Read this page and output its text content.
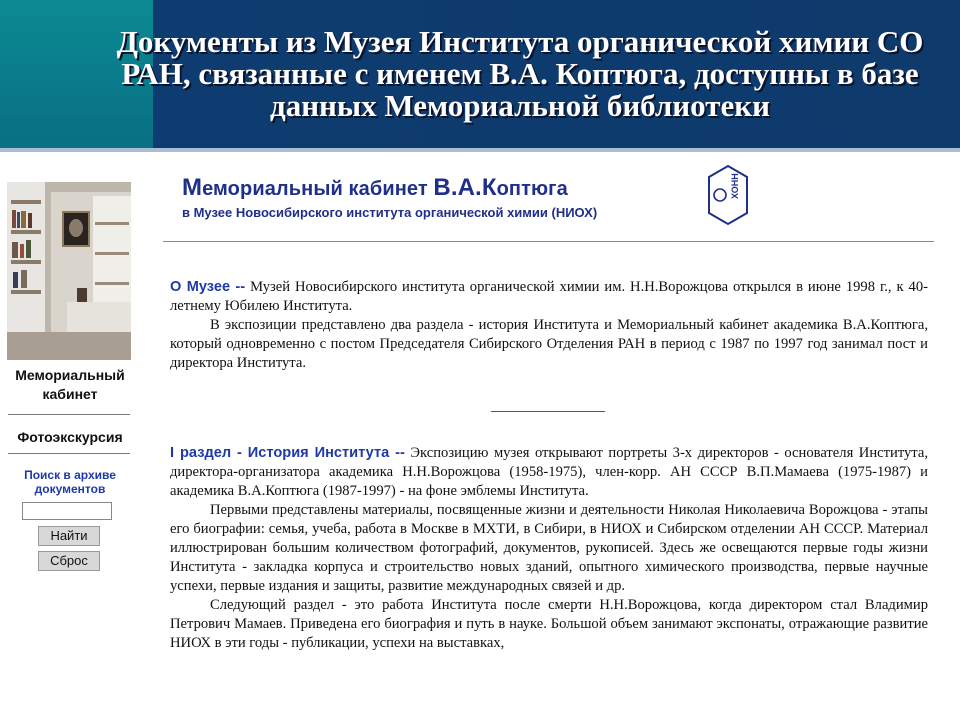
Документы из Музея Института органической химии СО РАН, связанные с именем В.А. Коптюга, доступны в базе данных Мемориальной библиотеки
Мемориальный кабинет
Фотоэкскурсия
Поиск в архиве документов
Найти
Сброс
Мемориальный кабинет В.А.Коптюга
в Музее Новосибирского института органической химии (НИОХ)
ХОНН

О Музее -- Музей Новосибирского института органической химии им. Н.Н.Ворожцова открылся в июне 1998 г., к 40-летнему Юбилею Института.

В экспозиции представлено два раздела - история Института и Мемориальный кабинет академика В.А.Коптюга, который одновременно с постом Председателя Сибирского Отделения РАН в период с 1987 по 1997 год занимал пост и директора Института.

I раздел - История Института -- Экспозицию музея открывают портреты 3-х директоров - основателя Института, директора-организатора академика Н.Н.Ворожцова (1958-1975), член-корр. АН СССР В.П.Мамаева (1975-1987) и академика В.А.Коптюга (1987-1997) - на фоне эмблемы Института.

Первыми представлены материалы, посвященные жизни и деятельности Николая Николаевича Ворожцова - этапы его биографии: семья, учеба, работа в Москве в МХТИ, в Сибири, в НИОХ и Сибирском отделении АН СССР. Материал иллюстрирован большим количеством фотографий, документов, рукописей. Здесь же освещаются первые годы жизни Института - закладка корпуса и строительство новых зданий, опытного химического производства, первые научные успехи, первые издания и защиты, развитие международных связей и др.

Следующий раздел - это работа Института после смерти Н.Н.Ворожцова, когда директором стал Владимир Петрович Мамаев. Приведена его биография и путь в науке. Большой объем занимают экспонаты, отражающие развитие НИОХ в эти годы - публикации, успехи на выставках,
